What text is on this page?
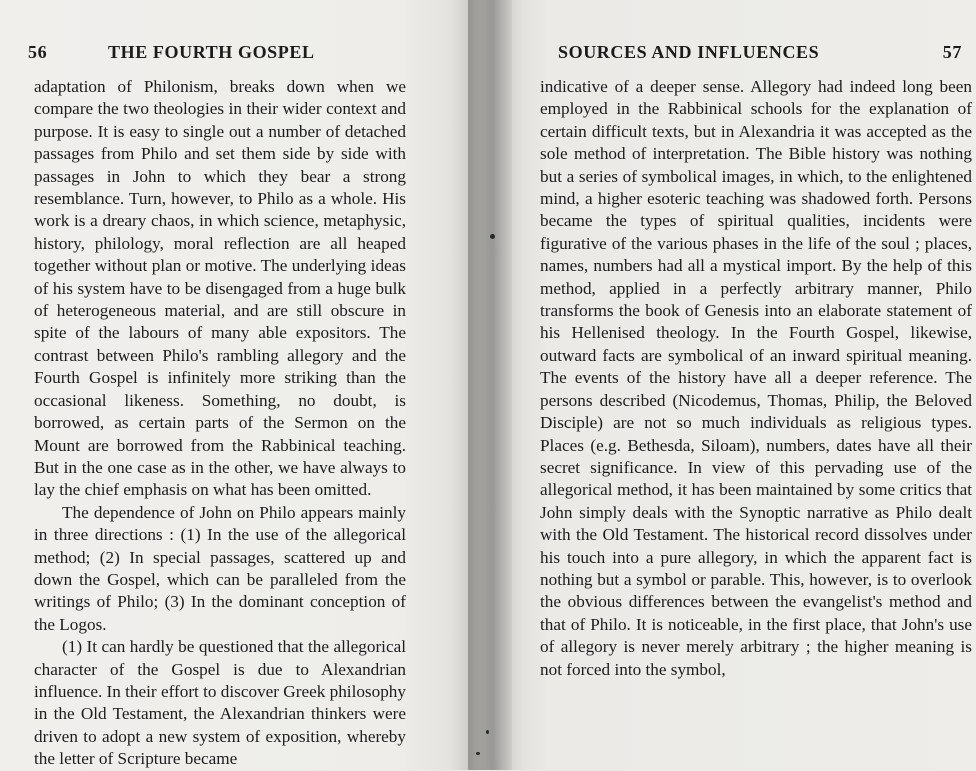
56	THE FOURTH GOSPEL

adaptation of Philonism, breaks down when we compare the two theologies in their wider context and purpose. It is easy to single out a number of detached passages from Philo and set them side by side with passages in John to which they bear a strong resemblance. Turn, however, to Philo as a whole. His work is a dreary chaos, in which science, metaphysic, history, philology, moral reflection are all heaped together without plan or motive. The underlying ideas of his system have to be disengaged from a huge bulk of heterogeneous material, and are still obscure in spite of the labours of many able expositors. The contrast between Philo's rambling allegory and the Fourth Gospel is infinitely more striking than the occasional likeness. Something, no doubt, is borrowed, as certain parts of the Sermon on the Mount are borrowed from the Rabbinical teaching. But in the one case as in the other, we have always to lay the chief emphasis on what has been omitted.

The dependence of John on Philo appears mainly in three directions : (1) In the use of the allegorical method; (2) In special passages, scattered up and down the Gospel, which can be paralleled from the writings of Philo; (3) In the dominant conception of the Logos.

(1) It can hardly be questioned that the allegorical character of the Gospel is due to Alexandrian influence. In their effort to discover Greek philosophy in the Old Testament, the Alexandrian thinkers were driven to adopt a new system of exposition, whereby the letter of Scripture became

SOURCES AND INFLUENCES	57

indicative of a deeper sense. Allegory had indeed long been employed in the Rabbinical schools for the explanation of certain difficult texts, but in Alexandria it was accepted as the sole method of interpretation. The Bible history was nothing but a series of symbolical images, in which, to the enlightened mind, a higher esoteric teaching was shadowed forth. Persons became the types of spiritual qualities, incidents were figurative of the various phases in the life of the soul ; places, names, numbers had all a mystical import. By the help of this method, applied in a perfectly arbitrary manner, Philo transforms the book of Genesis into an elaborate statement of his Hellenised theology. In the Fourth Gospel, likewise, outward facts are symbolical of an inward spiritual meaning. The events of the history have all a deeper reference. The persons described (Nicodemus, Thomas, Philip, the Beloved Disciple) are not so much individuals as religious types. Places (e.g. Bethesda, Siloam), numbers, dates have all their secret significance. In view of this pervading use of the allegorical method, it has been maintained by some critics that John simply deals with the Synoptic narrative as Philo dealt with the Old Testament. The historical record dissolves under his touch into a pure allegory, in which the apparent fact is nothing but a symbol or parable. This, however, is to overlook the obvious differences between the evangelist's method and that of Philo. It is noticeable, in the first place, that John's use of allegory is never merely arbitrary ; the higher meaning is not forced into the symbol,
